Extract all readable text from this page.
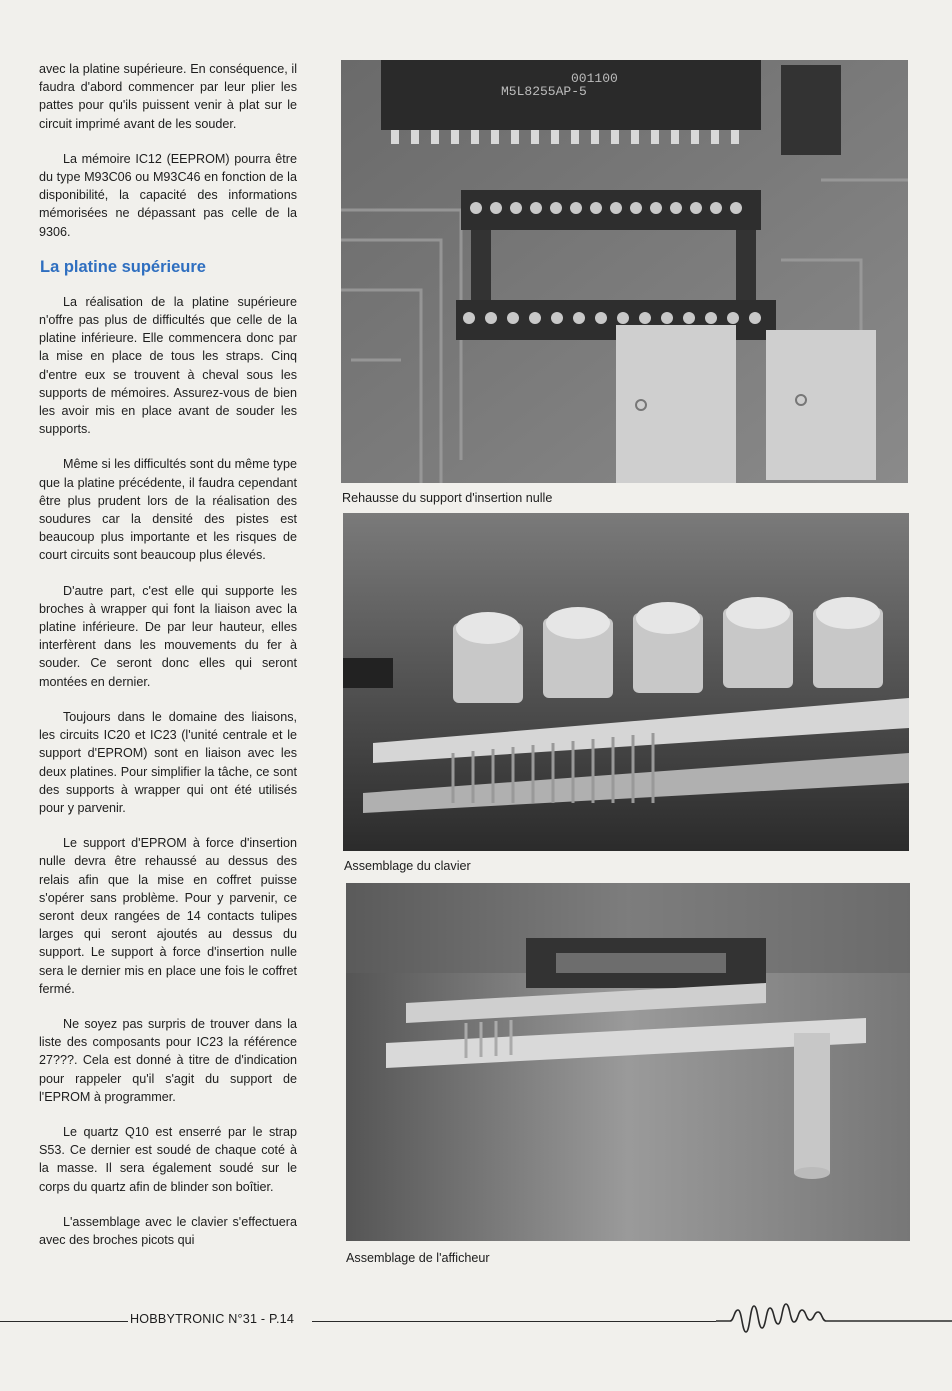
avec la platine supérieure. En conséquence, il faudra d'abord commencer par leur plier les pattes pour qu'ils puissent venir à plat sur le circuit imprimé avant de les souder.

La mémoire IC12 (EEPROM) pourra être du type M93C06 ou M93C46 en fonction de la disponibilité, la capacité des informations mémorisées ne dépassant pas celle de la 9306.

La platine supérieure

La réalisation de la platine supérieure n'offre pas plus de difficultés que celle de la platine inférieure. Elle commencera donc par la mise en place de tous les straps. Cinq d'entre eux se trouvent à cheval sous les supports de mémoires. Assurez-vous de bien les avoir mis en place avant de souder les supports.

Même si les difficultés sont du même type que la platine précédente, il faudra cependant être plus prudent lors de la réalisation des soudures car la densité des pistes est beaucoup plus importante et les risques de court circuits sont beaucoup plus élevés.

D'autre part, c'est elle qui supporte les broches à wrapper qui font la liaison avec la platine inférieure. De par leur hauteur, elles interfèrent dans les mouvements du fer à souder. Ce seront donc elles qui seront montées en dernier.

Toujours dans le domaine des liaisons, les circuits IC20 et IC23 (l'unité centrale et le support d'EPROM) sont en liaison avec les deux platines. Pour simplifier la tâche, ce sont des supports à wrapper qui ont été utilisés pour y parvenir.

Le support d'EPROM à force d'insertion nulle devra être rehaussé au dessus des relais afin que la mise en coffret puisse s'opérer sans problème. Pour y parvenir, ce seront deux rangées de 14 contacts tulipes larges qui seront ajoutés au dessus du support. Le support à force d'insertion nulle sera le dernier mis en place une fois le coffret fermé.

Ne soyez pas surpris de trouver dans la liste des composants pour IC23 la référence 27???. Cela est donné à titre de d'indication pour rappeler qu'il s'agit du support de l'EPROM à programmer.

Le quartz Q10 est enserré par le strap S53. Ce dernier est soudé de chaque coté à la masse. Il sera également soudé sur le corps du quartz afin de blinder son boîtier.

L'assemblage avec le clavier s'effectuera avec des broches picots qui

001100
M5L8255AP-5
Rehausse du support d'insertion nulle
Assemblage du clavier
Assemblage de l'afficheur
HOBBYTRONIC N°31 - P.14
